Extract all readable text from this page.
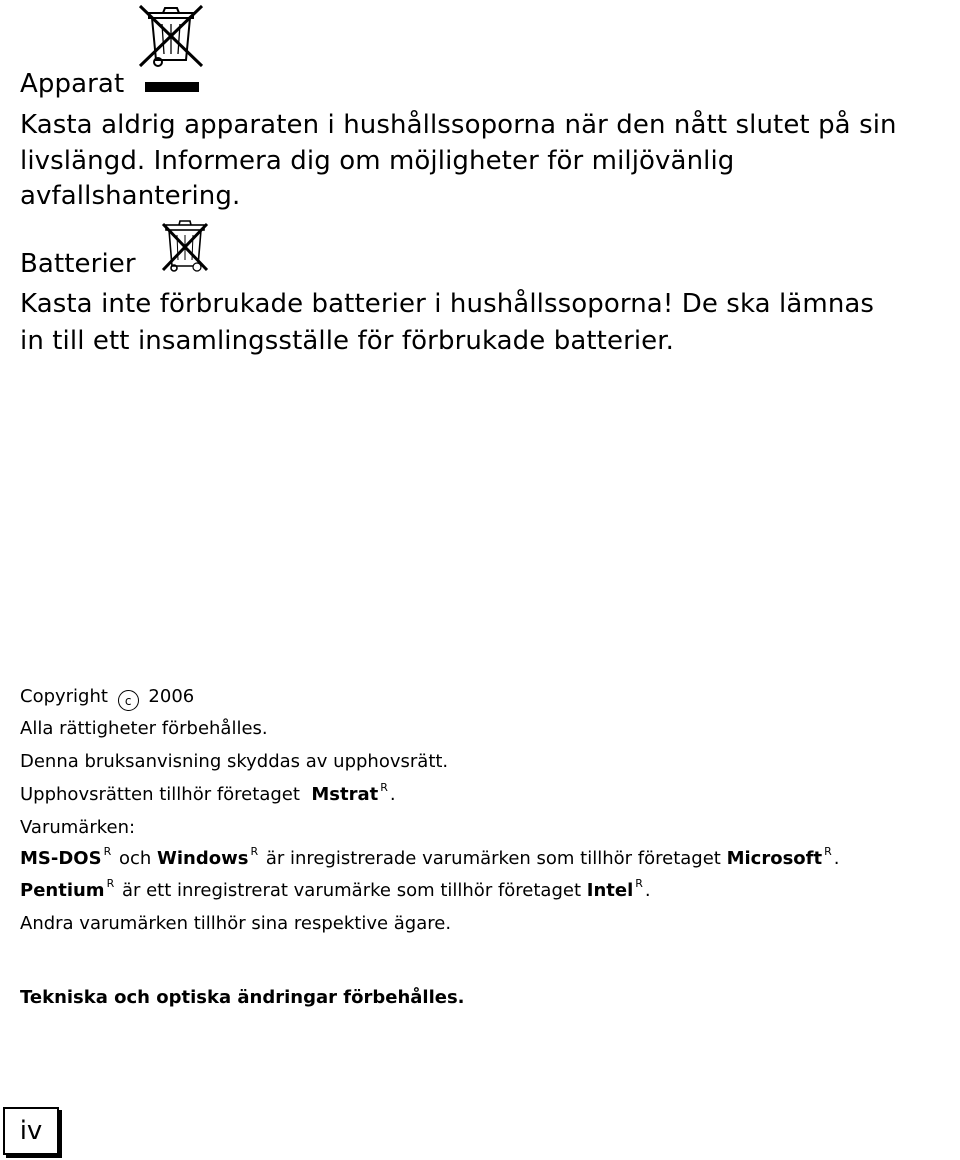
Apparat
Kasta aldrig apparaten i hushållssoporna när den nått slutet på sin
livslängd. Informera dig om möjligheter för miljövänlig
avfallshantering.
Batterier
Kasta inte förbrukade batterier i hushållssoporna! De ska lämnas
in till ett insamlingsställe för förbrukade batterier.
Copyright c 2006
Alla rättigheter förbehålles.
Denna bruksanvisning skyddas av upphovsrätt.
Upphovsrätten tillhör företaget Mstrat $^R$ .
Varumärken:
MS-DOS $^R$ och Windows $^R$ är inregistrerade varumärken som tillhör företaget Microsoft $^R$ .
Pentium $^R$ är ett inregistrerat varumärke som tillhör företaget Intel $^R$ .
Andra varumärken tillhör sina respektive ägare.
Tekniska och optiska ändringar förbehålles.
iv
